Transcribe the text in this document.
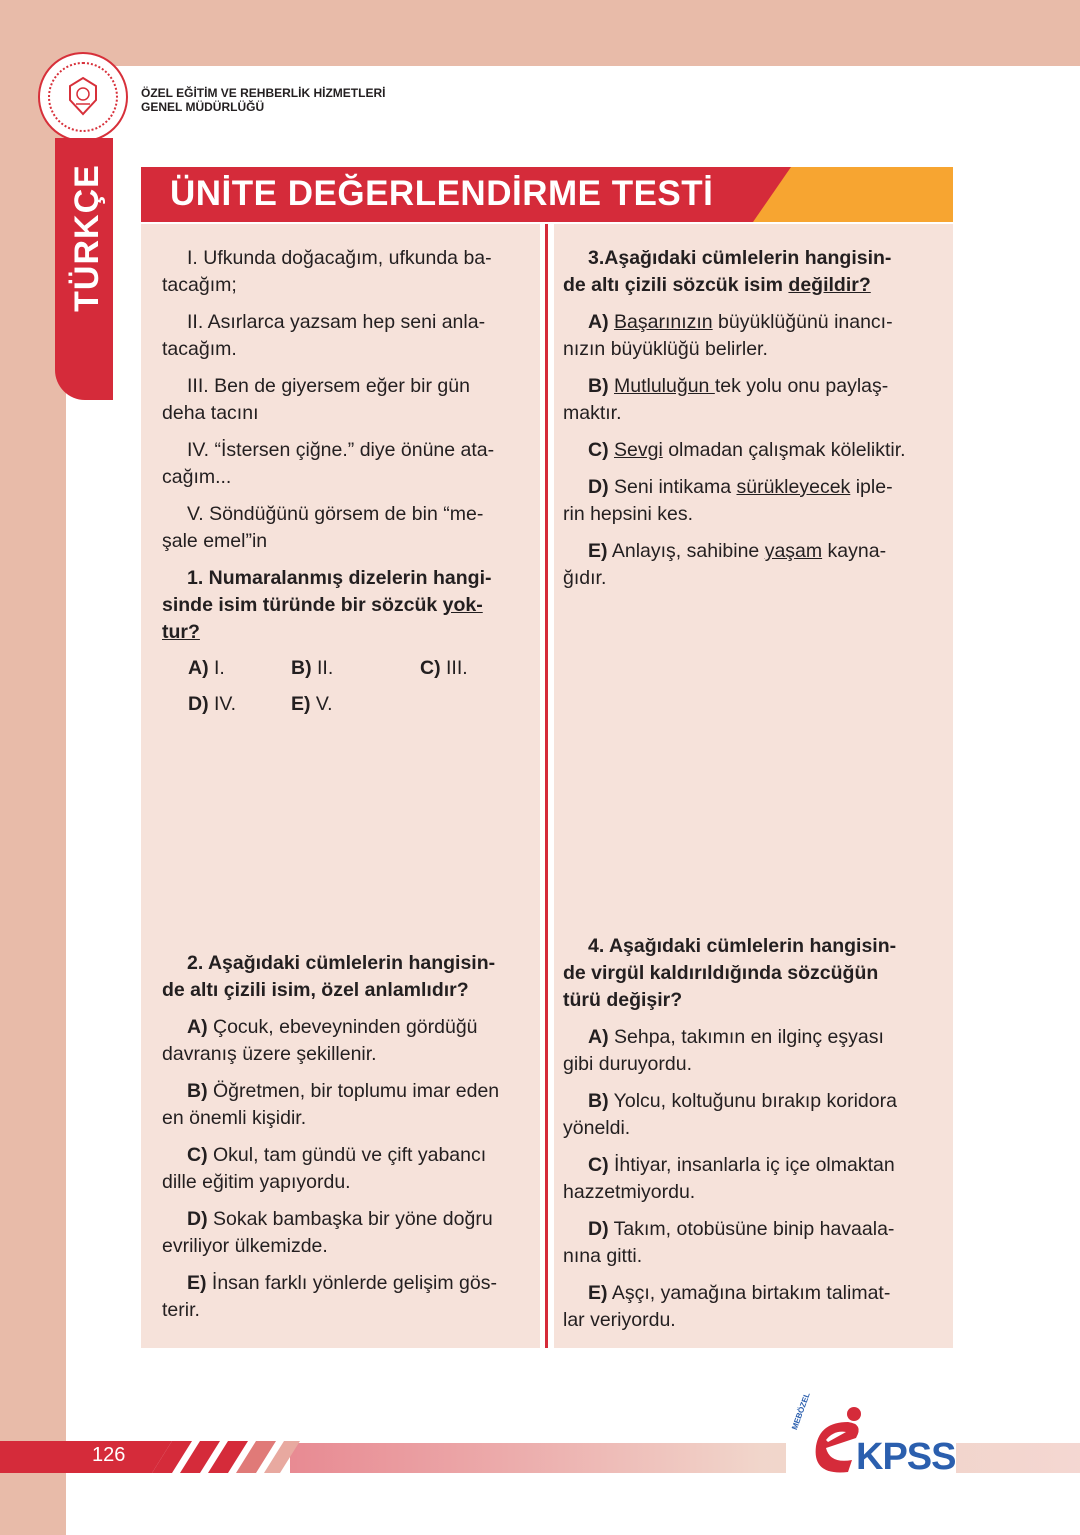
ÖZEL EĞİTİM VE REHBERLİK HİZMETLERİ
GENEL MÜDÜRLÜĞÜ
TÜRKÇE ÜNİTE DEĞERLENDİRME TESTİ

I. Ufkunda doğacağım, ufkunda ba-
tacağım;

II. Asırlarca yazsam hep seni anla-
tacağım.

III. Ben de giyersem eğer bir gün
deha tacını

IV. “İstersen çiğne.” diye önüne ata-
cağım...

V. Söndüğünü görsem de bin “me-
şale emel”in

1. Numaralanmış dizelerin hangi-
sinde isim türünde bir sözcük yok-
tur?

A) I.	B) II.	C) III.
D) IV.	E) V.

2. Aşağıdaki cümlelerin hangisin-
de altı çizili isim, özel anlamlıdır?

A) Çocuk, ebeveyninden gördüğü
davranış üzere şekillenir.

B) Öğretmen, bir toplumu imar eden
en önemli kişidir.

C) Okul, tam gündü ve çift yabancı
dille eğitim yapıyordu.

D) Sokak bambaşka bir yöne doğru
evriliyor ülkemizde.

E) İnsan farklı yönlerde gelişim gös-
terir.

3.Aşağıdaki cümlelerin hangisin-
de altı çizili sözcük isim değildir?

A) Başarınızın büyüklüğünü inancı-
nızın büyüklüğü belirler.

B) Mutluluğun tek yolu onu paylaş-
maktır.

C) Sevgi olmadan çalışmak köleliktir.

D) Seni intikama sürükleyecek iple-
rin hepsini kes.

E) Anlayış, sahibine yaşam kayna-
ğıdır.

4. Aşağıdaki cümlelerin hangisin-
de virgül kaldırıldığında sözcüğün
türü değişir?

A) Sehpa, takımın en ilginç eşyası
gibi duruyordu.

B) Yolcu, koltuğunu bırakıp koridora
yöneldi.

C) İhtiyar, insanlarla iç içe olmaktan
hazzetmiyordu.

D) Takım, otobüsüne binip havaala-
nına gitti.

E) Aşçı, yamağına birtakım talimat-
lar veriyordu.

126
MEBÖZEL
KPSS
